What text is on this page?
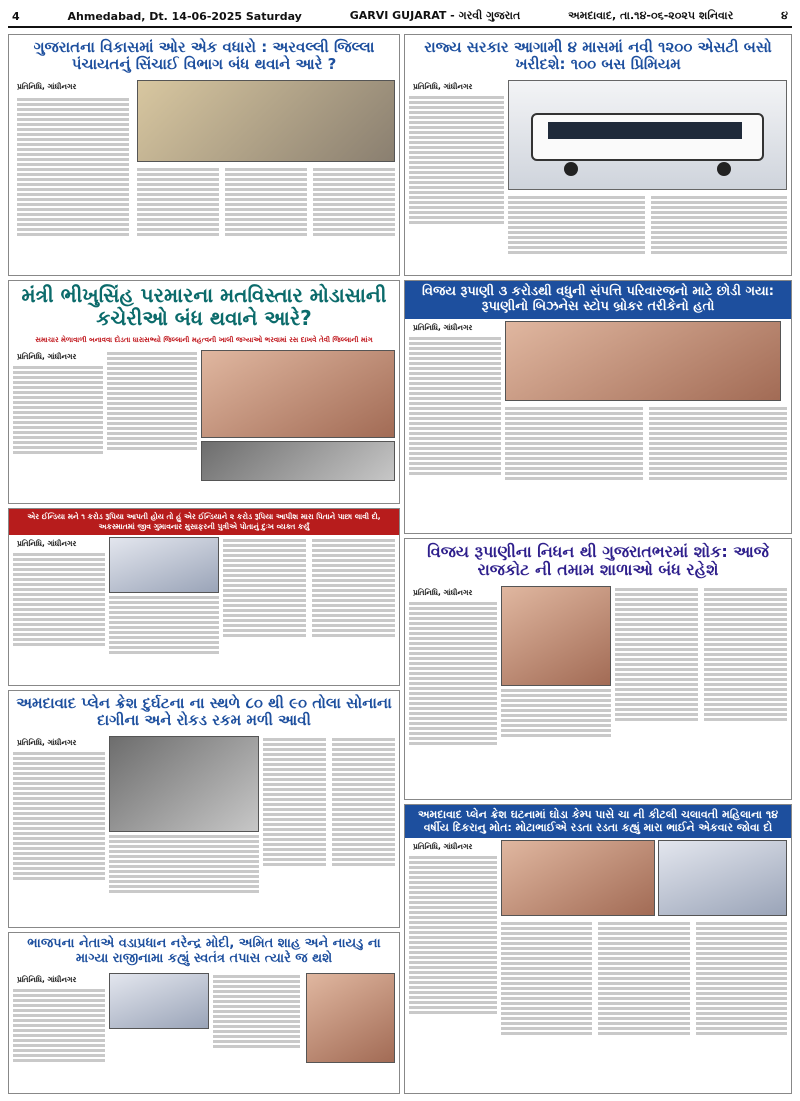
4	Ahmedabad, Dt. 14-06-2025 Saturday	GARVI GUJARAT - ગરવી ગુજરાત	અમદાવાદ, તા.૧૪-૦૬-૨૦૨૫ શનિવાર	૪
ગુજરાતના વિકાસમાં ઓર એક વધારો : અરવલ્લી જિલ્લા પંચાયતનું સિંચાઈ વિભાગ બંધ થવાને આરે ?
પ્રતિનિધિ, ગાંધીનગર
રાજ્ય સરકાર આગામી ૪ માસમાં નવી ૧૨૦૦ એસટી બસો ખરીદશે: ૧૦૦ બસ પ્રિમિયમ
પ્રતિનિધિ, ગાંધીનગર
મંત્રી ભીખુસિંહ પરમારના મતવિસ્તાર મોડાસાની કચેરીઓ બંધ થવાને આરે?
સમાચાર મેળાવાળી બનાવવા દોડતા ધારાસભ્યો જિલ્લાની મહત્વની ખાલી જગ્યાઓ ભરવામાં રસ દાખવે તેવી જિલ્લાની માંગ
પ્રતિનિધિ, ગાંધીનગર
વિજય રૂપાણી ૩ કરોડથી વધુની સંપત્તિ પરિવારજનો માટે છોડી ગયા: રૂપાણીનો બિઝનેસ સ્ટોપ બ્રોકર તરીકેનો હતો
પ્રતિનિધિ, ગાંધીનગર
એર ઈન્ડિયા મને ૧ કરોડ રૂપિયા આપતી હોય તો હું એર ઈન્ડિયાને ૨ કરોડ રૂપિયા આપીશ મારા પિતાને પાછા લાવી દો, અકસ્માતમાં જીવ ગુમાવનાર મુસાફરની પુત્રીએ પોતાનું દુઃખ વ્યક્ત કર્યું
પ્રતિનિધિ, ગાંધીનગર	વિજય રૂપાણીના નિધન થી ગુજરાતભરમાં શોક: આજે રાજકોટ ની તમામ શાળાઓ બંધ રહેશે
પ્રતિનિધિ, ગાંધીનગર
અમદાવાદ પ્લેન ક્રેશ દુર્ઘટના ના સ્થળે ૮૦ થી ૯૦ તોલા સોનાના દાગીના અને રોકડ રકમ મળી આવી
પ્રતિનિધિ, ગાંધીનગર
અમદાવાદ પ્લેન ક્રેશ ઘટનામાં ઘોડા કેમ્પ પાસે ચા ની કીટલી ચલાવતી મહિલાના ૧૪ વર્ષીય દિકરાનુ મોત: મોટાભાઈએ રડતા રડતા કહ્યું મારા ભાઈને એકવાર જોવા દો
પ્રતિનિધિ, ગાંધીનગર
ભાજપના નેતાએ વડાપ્રધાન નરેન્દ્ર મોદી, અમિત શાહ અને નાયડુ ના માગ્યા રાજીનામા કહ્યું સ્વતંત્ર તપાસ ત્યારે જ થશે
પ્રતિનિધિ, ગાંધીનગર
